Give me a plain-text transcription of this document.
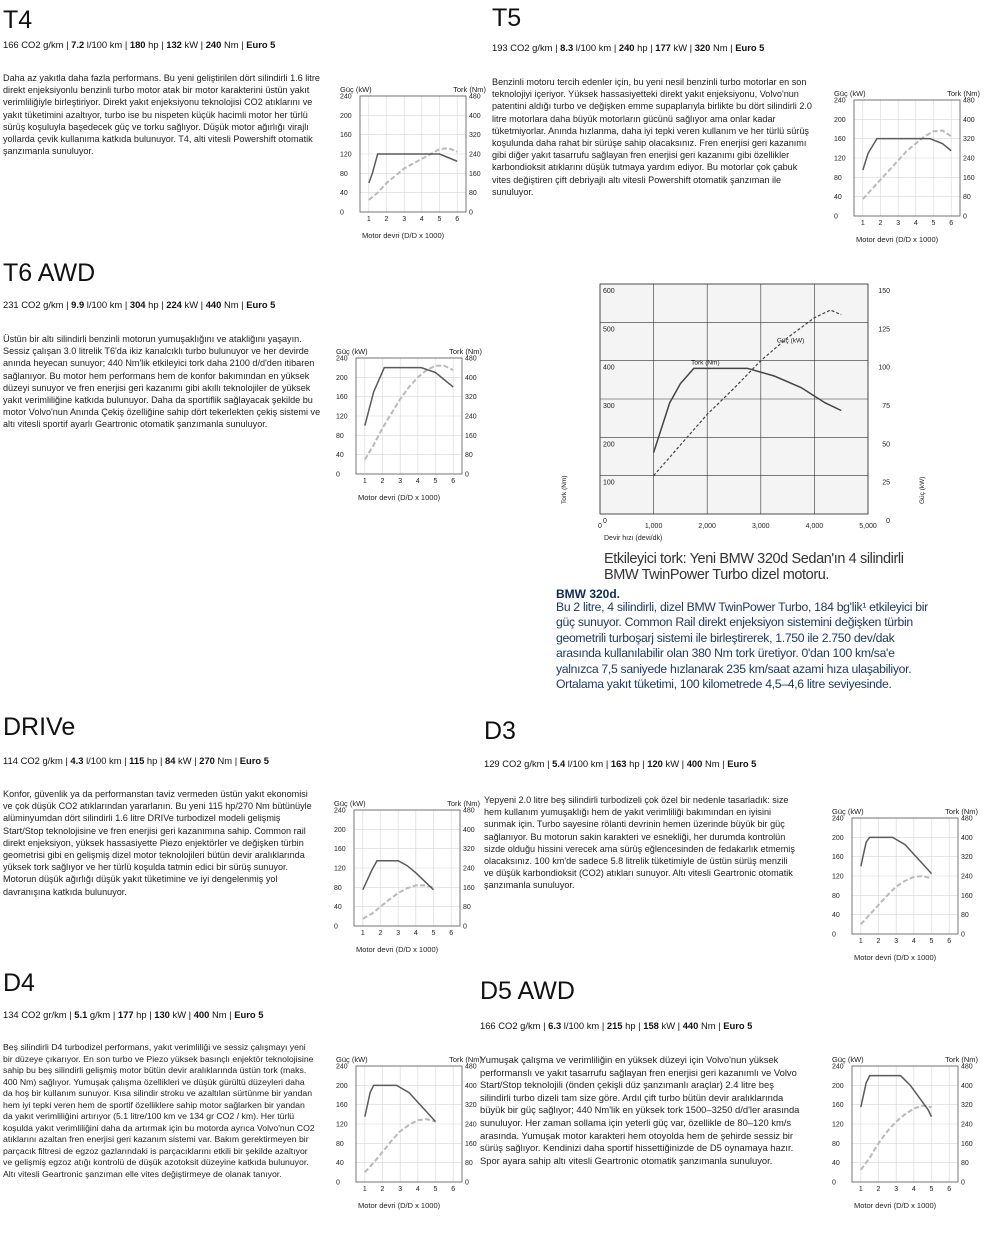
T4
166 CO2 g/km | 7.2 l/100 km | 180 hp | 132 kW | 240 Nm | Euro 5
Daha az yakıtla daha fazla performans. Bu yeni geliştirilen dört silindirli 1.6 litre direkt enjeksiyonlu benzinli turbo motor atak bir motor karakterini üstün yakıt verimliliğiyle birleştiriyor. Direkt yakıt enjeksiyonu teknolojisi CO2 atıklarını ve yakıt tüketimini azaltıyor, turbo ise bu nispeten küçük hacimli motor her türlü sürüş koşuluyla başedecek güç ve torku sağlıyor. Düşük motor ağırlığı virajlı yollarda çevik kullanıma katkıda bulunuyor. T4, alti vitesli Powershift otomatik şanzımanla sunuluyor.
Güç (kW)	Tork (Nm)
0
40
80
120
160
200
240
0
80
160
240
320
400
480
1 2 3 4 5 6
Motor devri (D/D x 1000)
T5
193 CO2 g/km | 8.3 l/100 km | 240 hp | 177 kW | 320 Nm | Euro 5
Benzinli motoru tercih edenler için, bu yeni nesil benzinli turbo motorlar en son teknolojiyi içeriyor. Yüksek hassasiyetteki direkt yakıt enjeksiyonu, Volvo'nun patentini aldığı turbo ve değişken emme supaplarıyla birlikte bu dört silindirli 2.0 litre motorlara daha büyük motorların gücünü sağlıyor ama onlar kadar tüketmiyorlar. Anında hızlanma, daha iyi tepki veren kullanım ve her türlü sürüş koşulunda daha rahat bir sürüşe sahip olacaksınız. Fren enerjisi geri kazanımı gibi diğer yakıt tasarrufu sağlayan fren enerjisi geri kazanımı gibi özellikler karbondioksit atıklarını düşük tutmaya yardım ediyor. Bu motorlar çok çabuk vites değiştiren çift debriyajlı altı vitesli Powershift otomatik şanzıman ile sunuluyor.
Güç (kW)	Tork (Nm)
0
40
80
120
160
200
240
0
80
160
240
320
400
480
1 2 3 4 5 6
Motor devri (D/D x 1000)
T6 AWD
231 CO2 g/km | 9.9 l/100 km | 304 hp | 224 kW | 440 Nm | Euro 5
Üstün bir altı silindirli benzinli motorun yumuşaklığını ve atakliğını yaşayın. Sessiz çalışan 3.0 litrelik T6'da ikiz kanalcıklı turbo bulunuyor ve her devirde anında heyecan sunuyor; 440 Nm'lik etkileyici tork daha 2100 d/d'den itibaren sağlanıyor. Bu motor hem performans hem de konfor bakımından en yüksek düzeyi sunuyor ve fren enerjisi geri kazanımı gibi akıllı teknolojiler de yüksek yakıt verimliliğine katkıda bulunuyor. Daha da sportiflik sağlayacak şekilde bu motor Volvo'nun Anında Çekiş özelliğine sahip dört tekerlekten çekiş sistemi ve altı vitesli sportif ayarlı Geartronic otomatik şanzımanla sunuluyor.
Güç (kW)	Tork (Nm)
0
40
80
120
160
200
240
0
80
160
240
320
400
480
1 2 3 4 5 6
Motor devri (D/D x 1000)
0
100
200
300
400
500
600
0
25
50
75
100
125
150
0	1,000	2,000	3,000	4,000	5,000
Tork (Nm)
Güç (kW)
Tork (Nm)	Güç (kW)
Devir hızı (devi/dk)
Etkileyici tork: Yeni BMW 320d Sedan'ın 4 silindirli
BMW TwinPower Turbo dizel motoru.
BMW 320d.
Bu 2 litre, 4 silindirli, dizel BMW TwinPower Turbo, 184 bg'lik¹ etkileyici bir güç sunuyor. Common Rail direkt enjeksiyon sistemini değişken türbin geometrili turboşarj sistemi ile birleştirerek, 1.750 ile 2.750 dev/dak arasında kullanılabilir olan 380 Nm tork üretiyor. 0'dan 100 km/sa'e yalnızca 7,5 saniyede hızlanarak 235 km/saat azami hıza ulaşabiliyor. Ortalama yakıt tüketimi, 100 kilometrede 4,5–4,6 litre seviyesinde.
DRIVe
114 CO2 g/km | 4.3 l/100 km | 115 hp | 84 kW | 270 Nm | Euro 5
Konfor, güvenlik ya da performanstan taviz vermeden üstün yakıt ekonomisi ve çok düşük CO2 atıklarından yararlanın. Bu yeni 115 hp/270 Nm bütünüyle alüminyumdan dört silindirli 1.6 litre DRIVe turbodizel modeli gelişmiş Start/Stop teknolojisine ve fren enerjisi geri kazanımına sahip. Common rail direkt enjeksiyon, yüksek hassasiyette Piezo enjektörler ve değişken türbin geometrisi gibi en gelişmiş dizel motor teknolojileri bütün devir aralıklarında yüksek tork sağlıyor ve her türlü koşulda tatmin edici bir sürüş sunuyor. Motorun düşük ağırlığı düşük yakıt tüketimine ve iyi dengelenmiş yol davranışına katkıda bulunuyor.
Güç (kW)	Tork (Nm)
0
40
80
120
160
200
240
0
80
160
240
320
400
480
1 2 3 4 5 6
Motor devri (D/D x 1000)
D3
129 CO2 g/km | 5.4 l/100 km | 163 hp | 120 kW | 400 Nm | Euro 5
Yepyeni 2.0 litre beş silindirli turbodizeli çok özel bir nedenle tasarladık: size hem kullanım yumuşaklığı hem de yakıt verimliliği bakımından en iyisini sunmak için. Turbo sayesine rölanti devrinin hemen üzerinde büyük bir güç sağlanıyor. Bu motorun sakin karakteri ve esnekliği, her durumda kontrolün sizde olduğu hissini verecek ama sürüş eğlencesinden de fedakarlık etmemiş olacaksınız. 100 km'de sadece 5.8 litrelik tüketimiyle de üstün sürüş menzili ve düşük karbondioksit (CO2) atıkları sunuyor. Altı vitesli Geartronic otomatik şanzımanla sunuluyor.
Güç (kW)	Tork (Nm)
0
40
80
120
160
200
240
0
80
160
240
320
400
480
1 2 3 4 5 6
Motor devri (D/D x 1000)
D4
134 CO2 gr/km | 5.1 g/km | 177 hp | 130 kW | 400 Nm | Euro 5
Beş silindirli D4 turbodizel performans, yakıt verimliliği ve sessiz çalışmayı yeni bir düzeye çıkarıyor. En son turbo ve Piezo yüksek basınçlı enjektör teknolojisine sahip bu beş silindirli gelişmiş motor bütün devir aralıklarında üstün tork (maks. 400 Nm) sağlıyor. Yumuşak çalışma özellikleri ve düşük gürültü düzeyleri daha da hoş bir kullanım sunuyor. Kısa silindir stroku ve azaltılan sürtünme bir yandan hem iyi tepki veren hem de sportif özelliklere sahip motor sağlarken bir yandan da yakıt verimliliğini artırıyor (5.1 litre/100 km ve 134 gr CO2 / km). Her türlü koşulda yakıt verimliliğini daha da artırmak için bu motorda ayrıca Volvo'nun CO2 atıklarını azaltan fren enerjisi geri kazanım sistemi var. Bakım gerektirmeyen bir parçacık filtresi de egzoz gazlarındaki is parçacıklarını etkili bir şekilde azaltıyor ve gelişmiş egzoz atığı kontrolü de düşük azotoksit düzeyine katkıda bulunuyor. Altı vitesli Geartronic şanzıman elle vites değiştirmeye de olanak tanıyor.
Güç (kW)	Tork (Nm)
0
40
80
120
160
200
240
0
80
160
240
320
400
480
1 2 3 4 5 6
Motor devri (D/D x 1000)
D5 AWD
166 CO2 g/km | 6.3 l/100 km | 215 hp | 158 kW | 440 Nm | Euro 5
Yumuşak çalışma ve verimliliğin en yüksek düzeyi için Volvo'nun yüksek performanslı ve yakıt tasarrufu sağlayan fren enerjisi geri kazanımlı ve Volvo Start/Stop teknolojili (önden çekişli düz şanzımanlı araçlar) 2.4 litre beş silindirli turbo dizeli tam size göre. Ardıl çift turbo bütün devir aralıklarında büyük bir güç sağlıyor; 440 Nm'lik en yüksek tork 1500–3250 d/d'ler arasında sunuluyor. Her zaman sollama için yeterli güç var, özellikle de 80–120 km/s arasında. Yumuşak motor karakteri hem otoyolda hem de şehirde sessiz bir sürüş sağlıyor. Kendinizi daha sportif hissettiğinizde de D5 oynamaya hazır. Spor ayara sahip altı vitesli Geartronic otomatik şanzımanla sunuluyor.
Güç (kW)	Tork (Nm)
0
40
80
120
160
200
240
0
80
160
240
320
400
480
1 2 3 4 5 6
Motor devri (D/D x 1000)
